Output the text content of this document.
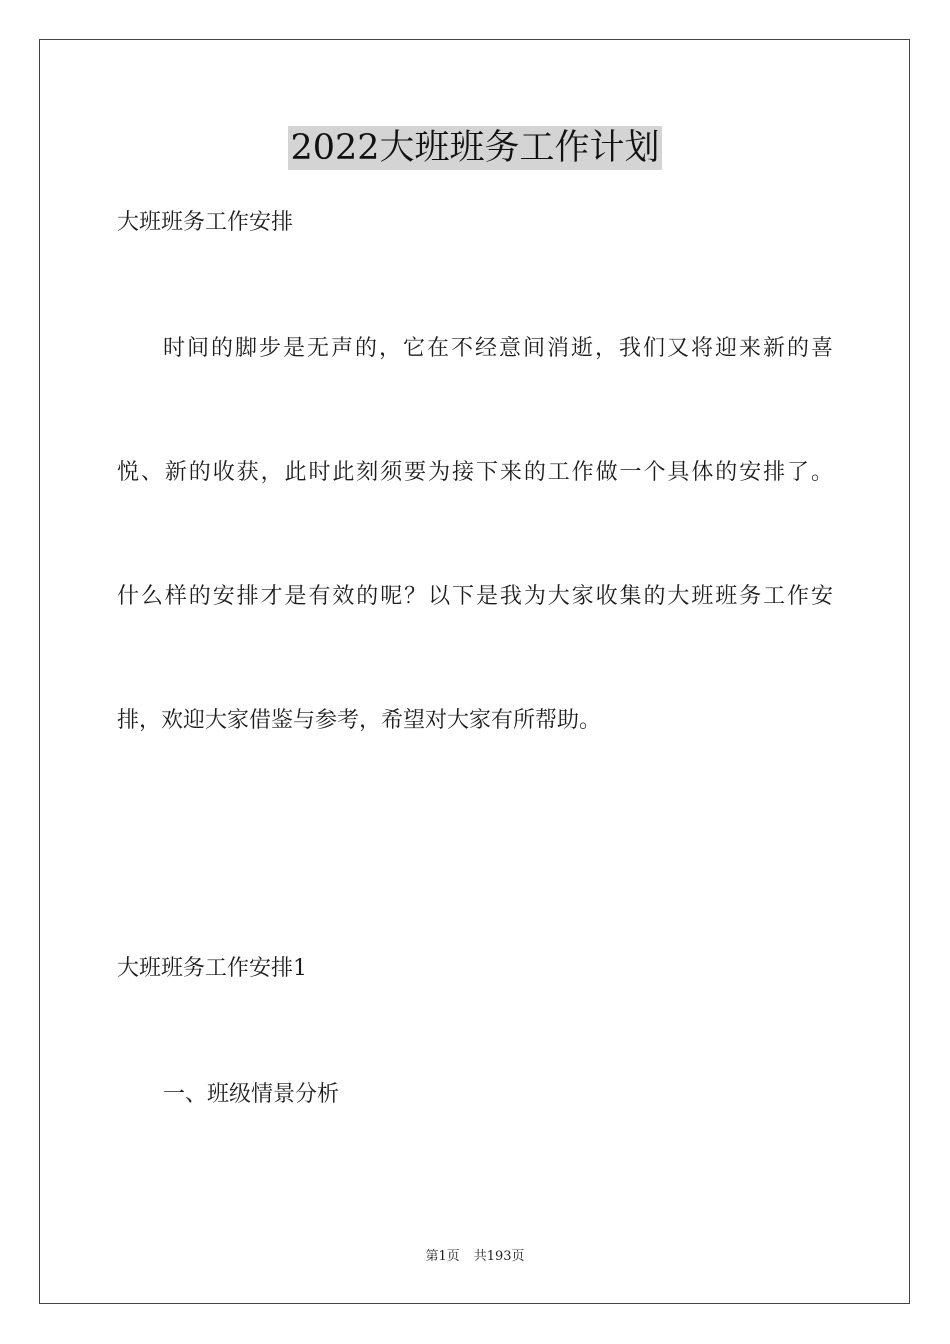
2022大班班务工作计划
大班班务工作安排
时间的脚步是无声的，它在不经意间消逝，我们又将迎来新的喜
悦、新的收获，此时此刻须要为接下来的工作做一个具体的安排了。
什么样的安排才是有效的呢？以下是我为大家收集的大班班务工作安
排，欢迎大家借鉴与参考，希望对大家有所帮助。
大班班务工作安排1
一、班级情景分析
第1页 共193页
